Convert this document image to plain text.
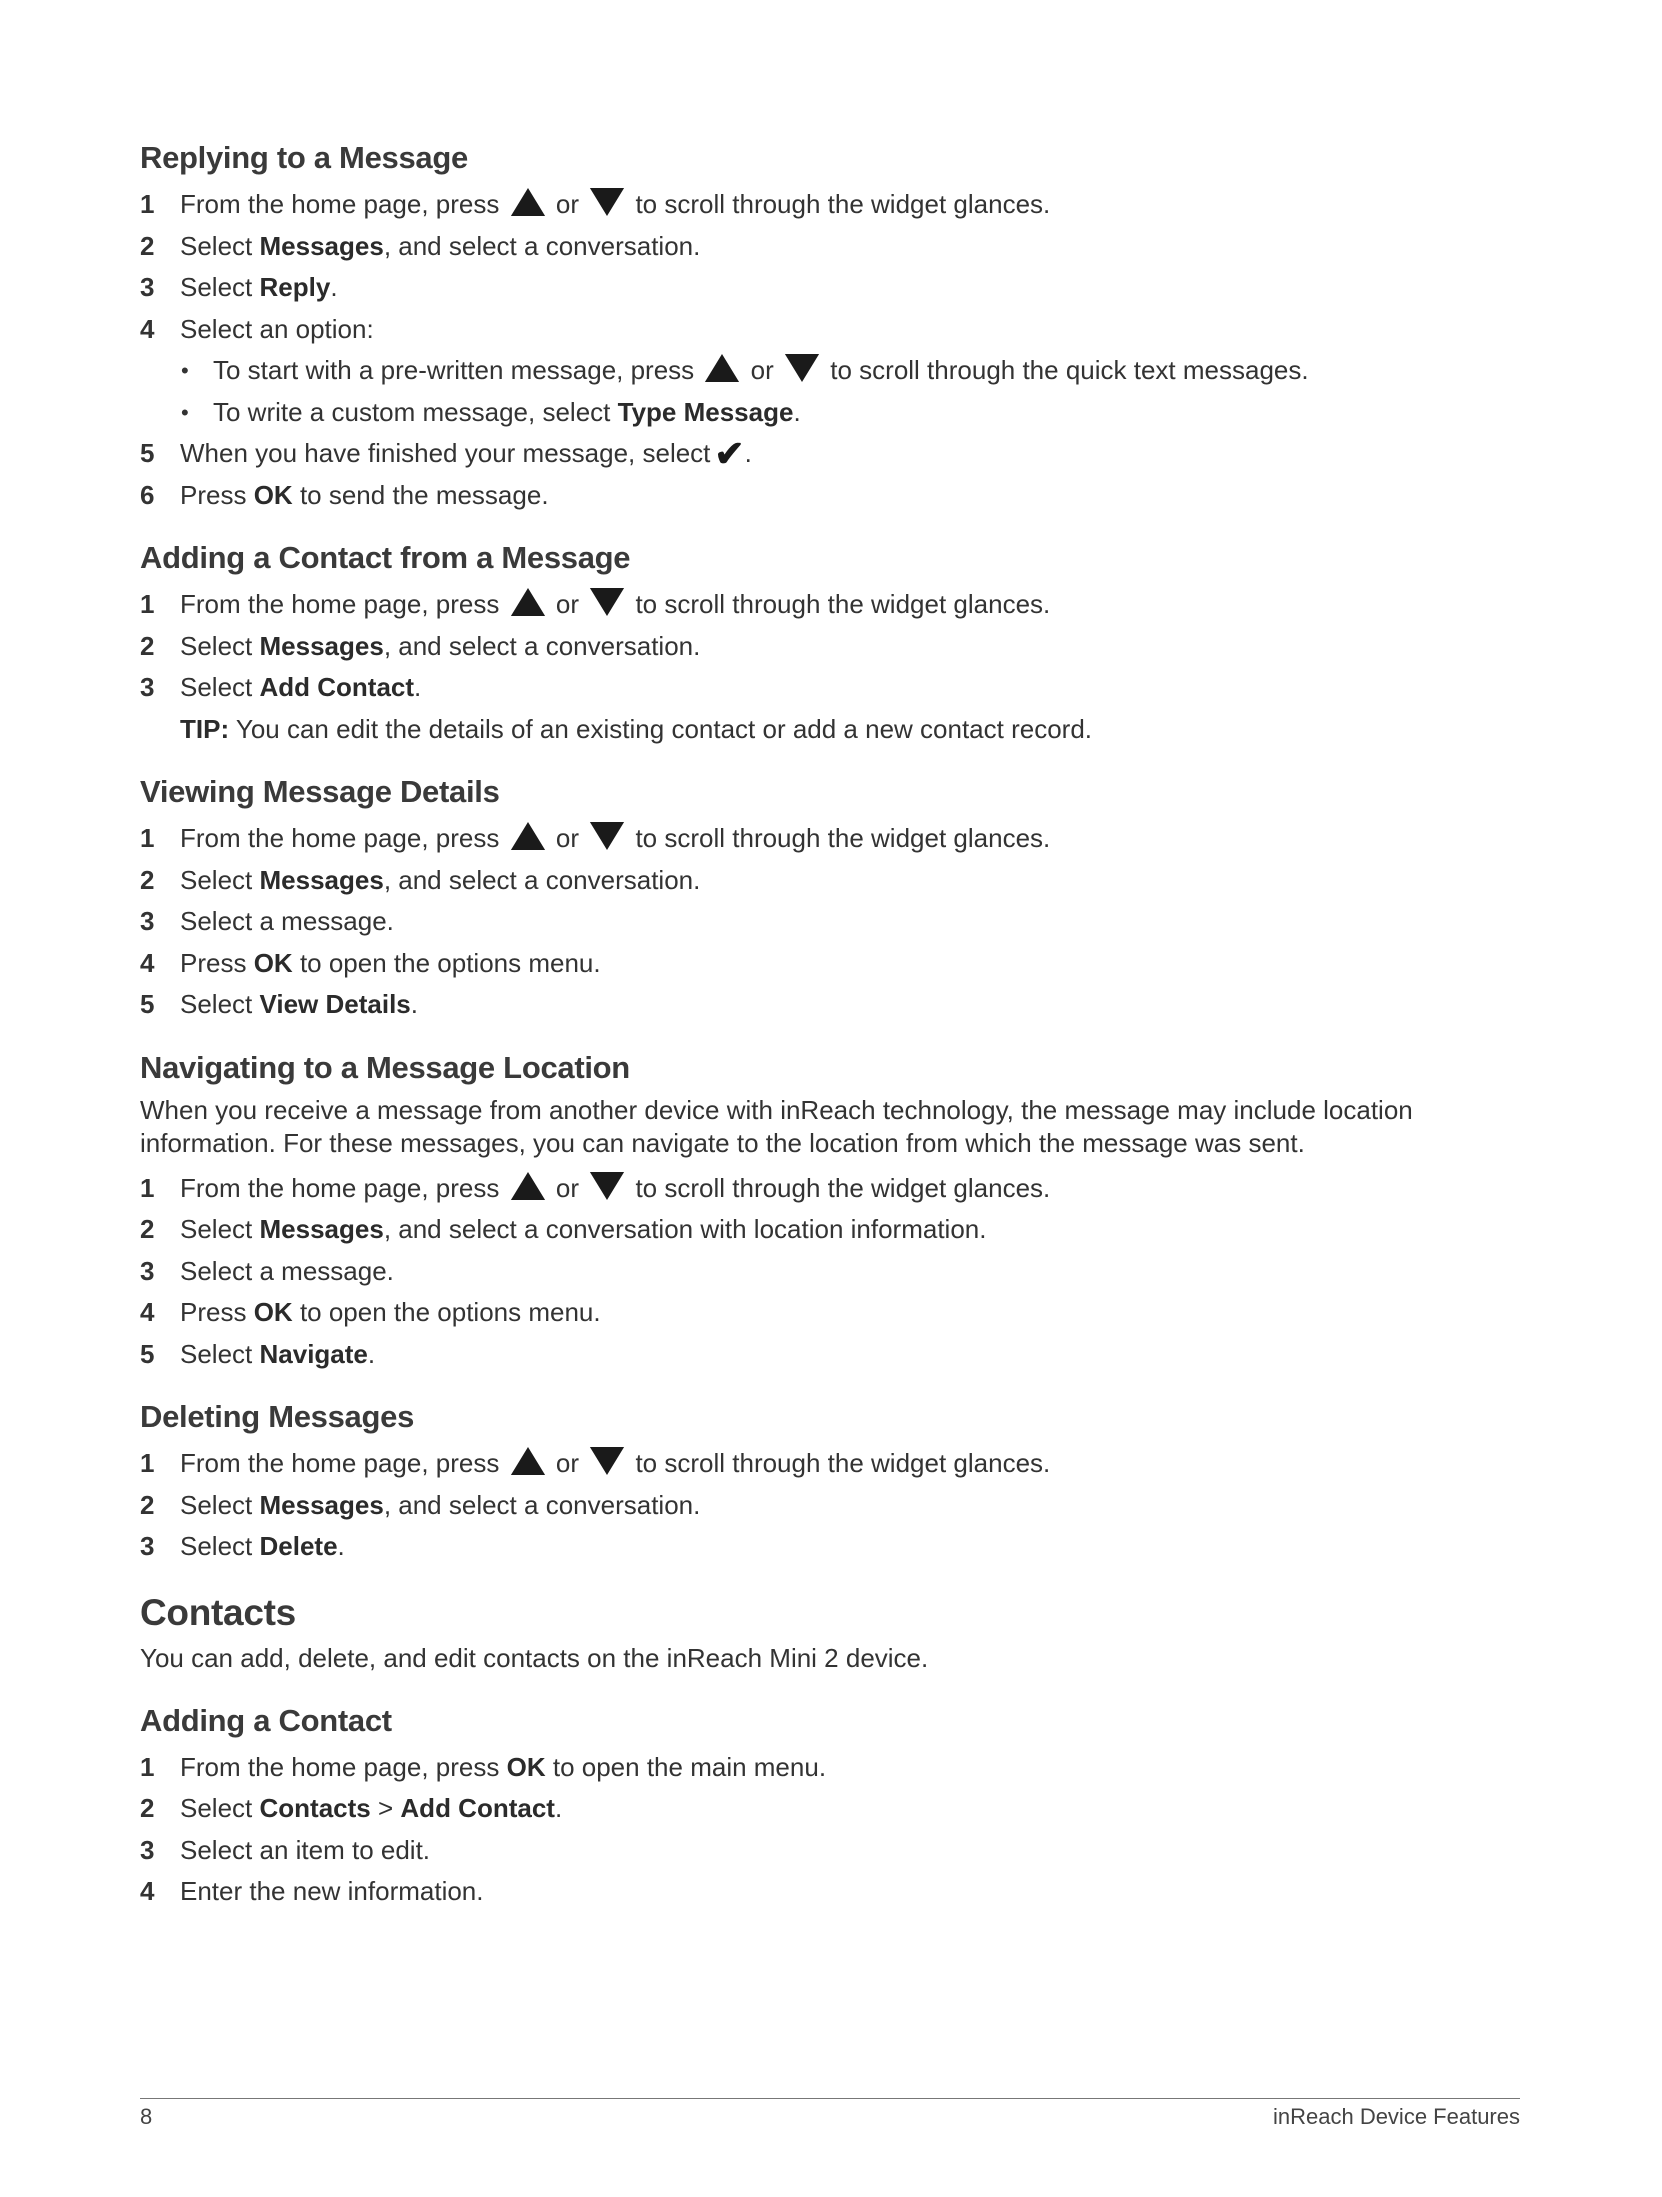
Replying to a Message
1 From the home page, press or to scroll through the widget glances.
2 Select Messages, and select a conversation.
3 Select Reply.
4 Select an option:
• To start with a pre-written message, press or to scroll through the quick text messages.
• To write a custom message, select Type Message.
5 When you have finished your message, select ✔.
6 Press OK to send the message.
Adding a Contact from a Message
1 From the home page, press or to scroll through the widget glances.
2 Select Messages, and select a conversation.
3 Select Add Contact.
TIP: You can edit the details of an existing contact or add a new contact record.
Viewing Message Details
1 From the home page, press or to scroll through the widget glances.
2 Select Messages, and select a conversation.
3 Select a message.
4 Press OK to open the options menu.
5 Select View Details.
Navigating to a Message Location
When you receive a message from another device with inReach technology, the message may include location information. For these messages, you can navigate to the location from which the message was sent.
1 From the home page, press or to scroll through the widget glances.
2 Select Messages, and select a conversation with location information.
3 Select a message.
4 Press OK to open the options menu.
5 Select Navigate.
Deleting Messages
1 From the home page, press or to scroll through the widget glances.
2 Select Messages, and select a conversation.
3 Select Delete.
Contacts
You can add, delete, and edit contacts on the inReach Mini 2 device.
Adding a Contact
1 From the home page, press OK to open the main menu.
2 Select Contacts > Add Contact.
3 Select an item to edit.
4 Enter the new information.
8	inReach Device Features
